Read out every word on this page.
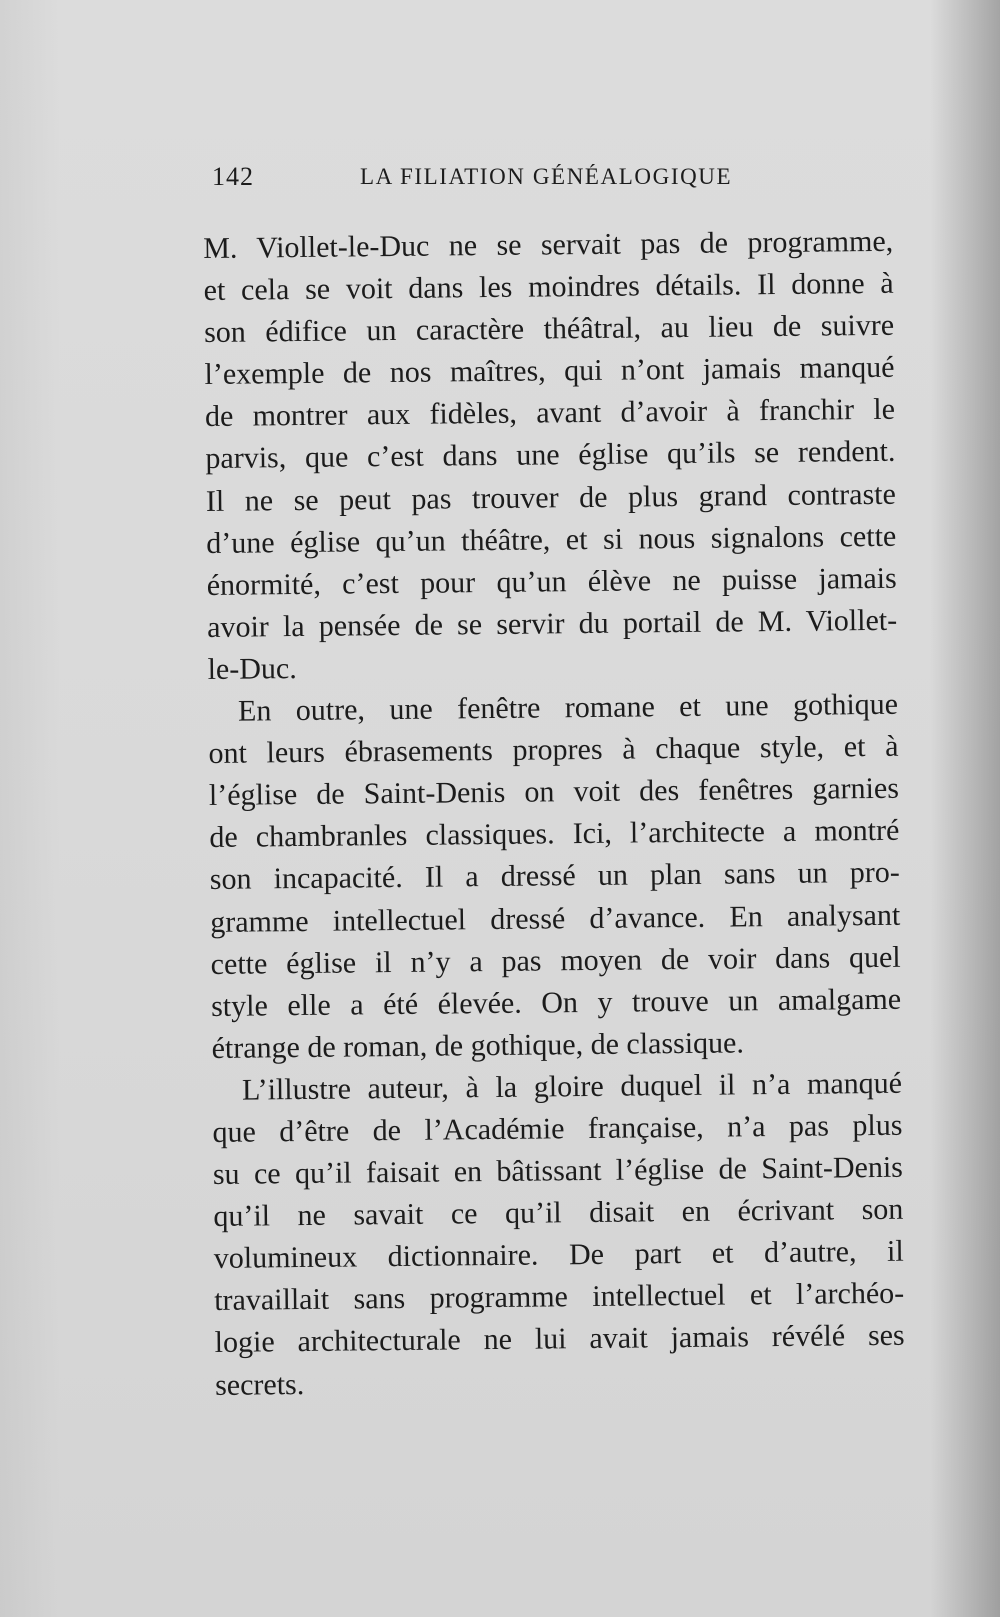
142	LA FILIATION GÉNÉALOGIQUE
M. Viollet-le-Duc ne se servait pas de programme,
et cela se voit dans les moindres détails. Il donne à
son édifice un caractère théâtral, au lieu de suivre
l’exemple de nos maîtres, qui n’ont jamais manqué
de montrer aux fidèles, avant d’avoir à franchir le
parvis, que c’est dans une église qu’ils se rendent.
Il ne se peut pas trouver de plus grand contraste
d’une église qu’un théâtre, et si nous signalons cette
énormité, c’est pour qu’un élève ne puisse jamais
avoir la pensée de se servir du portail de M. Viollet-
le-Duc.
En outre, une fenêtre romane et une gothique
ont leurs ébrasements propres à chaque style, et à
l’église de Saint-Denis on voit des fenêtres garnies
de chambranles classiques. Ici, l’architecte a montré
son incapacité. Il a dressé un plan sans un pro-
gramme intellectuel dressé d’avance. En analysant
cette église il n’y a pas moyen de voir dans quel
style elle a été élevée. On y trouve un amalgame
étrange de roman, de gothique, de classique.
L’illustre auteur, à la gloire duquel il n’a manqué
que d’être de l’Académie française, n’a pas plus
su ce qu’il faisait en bâtissant l’église de Saint-Denis
qu’il ne savait ce qu’il disait en écrivant son
volumineux dictionnaire. De part et d’autre, il
travaillait sans programme intellectuel et l’archéo-
logie architecturale ne lui avait jamais révélé ses
secrets.
